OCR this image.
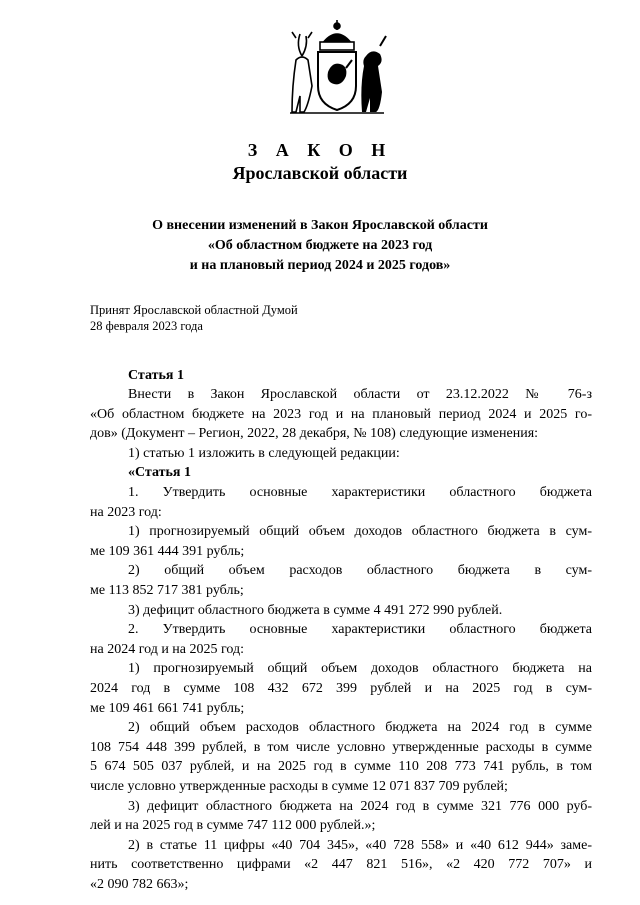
З А К О Н
Ярославской области
О внесении изменений в Закон Ярославской области
«Об областном бюджете на 2023 год
и на плановый период 2024 и 2025 годов»
Принят Ярославской областной Думой
28 февраля 2023 года
Статья 1
Внести в Закон Ярославской области от 23.12.2022 № 76-з
«Об областном бюджете на 2023 год и на плановый период 2024 и 2025 го-
дов» (Документ – Регион, 2022, 28 декабря, № 108) следующие изменения:
1) статью 1 изложить в следующей редакции:
«Статья 1
1. Утвердить основные характеристики областного бюджета
на 2023 год:
1) прогнозируемый общий объем доходов областного бюджета в сум-
ме 109 361 444 391 рубль;
2) общий объем расходов областного бюджета в сум-
ме 113 852 717 381 рубль;
3) дефицит областного бюджета в сумме 4 491 272 990 рублей.
2. Утвердить основные характеристики областного бюджета
на 2024 год и на 2025 год:
1) прогнозируемый общий объем доходов областного бюджета на
2024 год в сумме 108 432 672 399 рублей и на 2025 год в сум-
ме 109 461 661 741 рубль;
2) общий объем расходов областного бюджета на 2024 год в сумме
108 754 448 399 рублей, в том числе условно утвержденные расходы в сумме
5 674 505 037 рублей, и на 2025 год в сумме 110 208 773 741 рубль, в том
числе условно утвержденные расходы в сумме 12 071 837 709 рублей;
3) дефицит областного бюджета на 2024 год в сумме 321 776 000 руб-
лей и на 2025 год в сумме 747 112 000 рублей.»;
2) в статье 11 цифры «40 704 345», «40 728 558» и «40 612 944» заме-
нить соответственно цифрами «2 447 821 516», «2 420 772 707» и
«2 090 782 663»;
